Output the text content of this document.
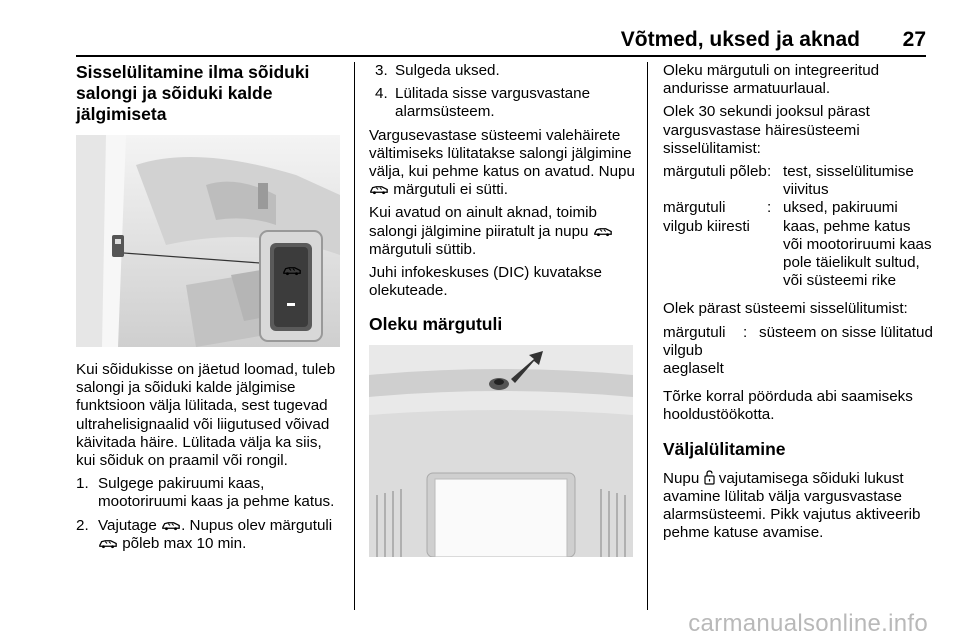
Võtmed, uksed ja aknad 27
Sisselülitamine ilma sõiduki salongi ja sõiduki kalde jälgimiseta

Kui sõidukisse on jäetud loomad, tuleb salongi ja sõiduki kalde jälgimise funktsioon välja lülitada, sest tugevad ultrahelisignaalid või liigutused võivad käivitada häire. Lülitada välja ka siis, kui sõiduk on praamil või rongil.

1. Sulgege pakiruumi kaas, mootoriruumi kaas ja pehme katus.
2. Vajutage . Nupus olev märgutuli  põleb max 10 min.
3. Sulgeda uksed.
4. Lülitada sisse vargusvastane alarmsüsteem.

Vargusevastase süsteemi valehäirete vältimiseks lülitatakse salongi jälgimine välja, kui pehme katus on avatud. Nupu  märgutuli ei sütti.

Kui avatud on ainult aknad, toimib salongi jälgimine piiratult ja nupu  märgutuli süttib.

Juhi infokeskuses (DIC) kuvatakse olekuteade.

Oleku märgutuli

Oleku märgutuli on integreeritud andurisse armatuurlaual.

Olek 30 sekundi jooksul pärast vargusvastase häiresüsteemi sisselülitamist:

märgutuli põleb	:	test, sisselülitumise viivitus
märgutuli vilgub kiiresti	:	uksed, pakiruumi kaas, pehme katus või mootoriruumi kaas pole täielikult sultud, või süsteemi rike

Olek pärast süsteemi sisselülitumist:

märgutuli vilgub aeglaselt	:	süsteem on sisse lülitatud

Tõrke korral pöörduda abi saamiseks hooldustöökotta.

Väljalülitamine

Nupu  vajutamisega sõiduki lukust avamine lülitab välja vargusvastase alarmsüsteemi. Pikk vajutus aktiveerib pehme katuse avamise.

carmanualsonline.info
